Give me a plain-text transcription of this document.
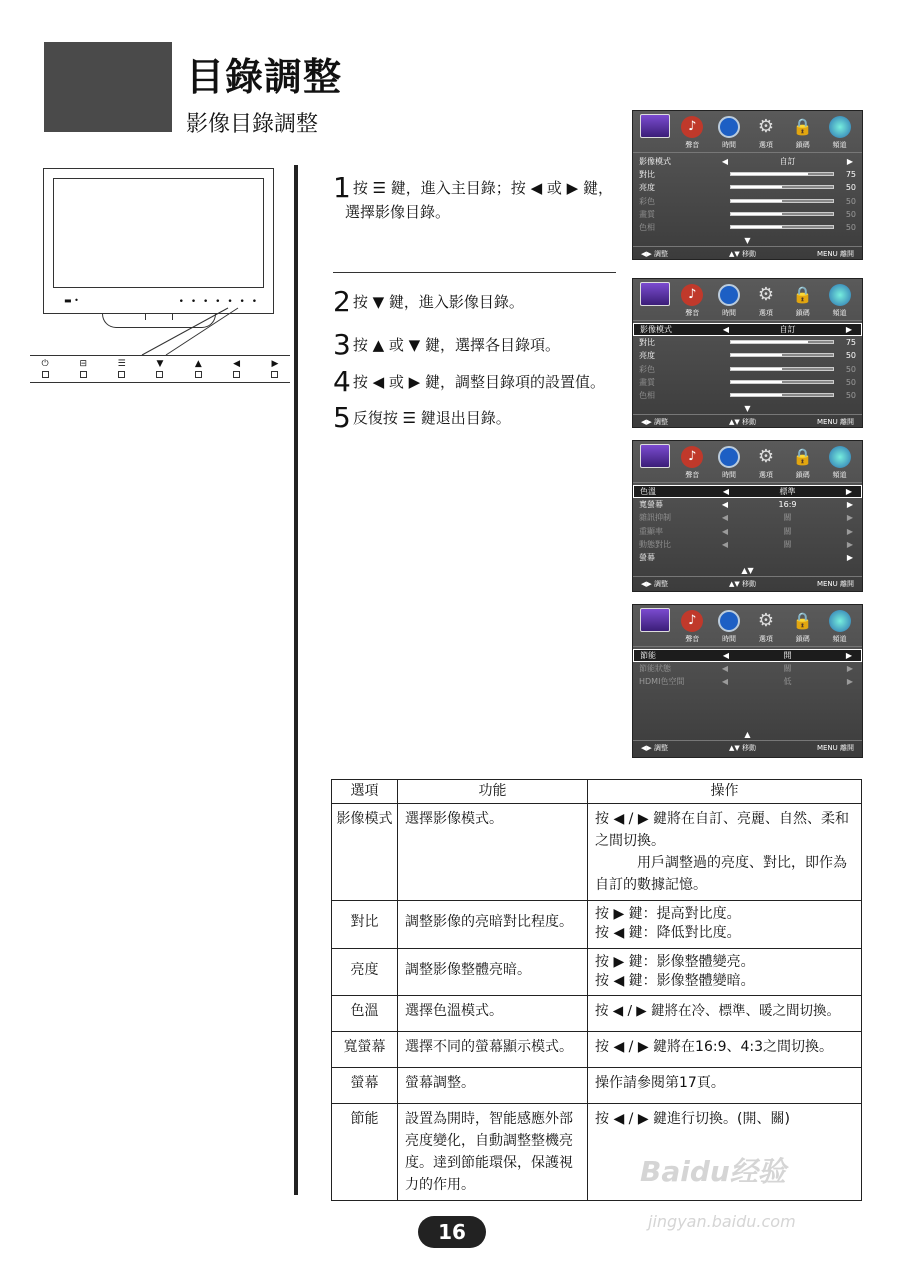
目錄調整
影像目錄調整
▬ •	• • • • • • •
⏻	⊟	☰	▼	▲	◀	▶
1 按 ☰ 鍵，進入主目錄；按 ◀ 或 ▶ 鍵，
選擇影像目錄。
2 按 ▼ 鍵，進入影像目錄。
3 按 ▲ 或 ▼ 鍵，選擇各目錄項。
4 按 ◀ 或 ▶ 鍵，調整目錄項的設置值。
5 反復按 ☰ 鍵退出目錄。
♪
聲音	時間
⚙
選項
🔒
鎖碼	頻道
影像模式	◀	自訂	▶
對比	75
亮度	50
彩色	50
畫質	50
色相	50
▼
◀▶ 調整	▲▼ 移動	MENU 離開
♪
聲音	時間
⚙
選項
🔒
鎖碼	頻道
影像模式	◀	自訂	▶
對比	75
亮度	50
彩色	50
畫質	50
色相	50
▼
◀▶ 調整	▲▼ 移動	MENU 離開
♪
聲音	時間
⚙
選項
🔒
鎖碼	頻道
色溫	◀	標準	▶
寬螢幕	◀	16:9	▶
雜訊抑制	◀	關	▶
重顯率	◀	關	▶
動態對比	◀	關	▶
螢幕	▶
▲▼
◀▶ 調整	▲▼ 移動	MENU 離開
♪
聲音	時間
⚙
選項
🔒
鎖碼	頻道
節能	◀	開	▶
節能狀態	◀	關	▶
HDMI色空間	◀	低	▶
▲
◀▶ 調整	▲▼ 移動	MENU 離開
選項	功能	操作
影像模式	選擇影像模式。	按 ◀ / ▶ 鍵將在自訂、亮麗、自然、柔和之間切換。
用戶調整過的亮度、對比，即作為自訂的數據記憶。

對比	調整影像的亮暗對比程度。	按 ▶ 鍵：提高對比度。
按 ◀ 鍵：降低對比度。

亮度	調整影像整體亮暗。	按 ▶ 鍵：影像整體變亮。
按 ◀ 鍵：影像整體變暗。

色溫	選擇色溫模式。	按 ◀ / ▶ 鍵將在冷、標準、暖之間切換。
寬螢幕	選擇不同的螢幕顯示模式。	按 ◀ / ▶ 鍵將在16:9、4:3之間切換。
螢幕	螢幕調整。	操作請參閱第17頁。
節能	設置為開時，智能感應外部亮度變化，自動調整整機亮度。達到節能環保，保護視力的作用。	按 ◀ / ▶ 鍵進行切換。(開、關)
16
Baidu经验
jingyan.baidu.com
